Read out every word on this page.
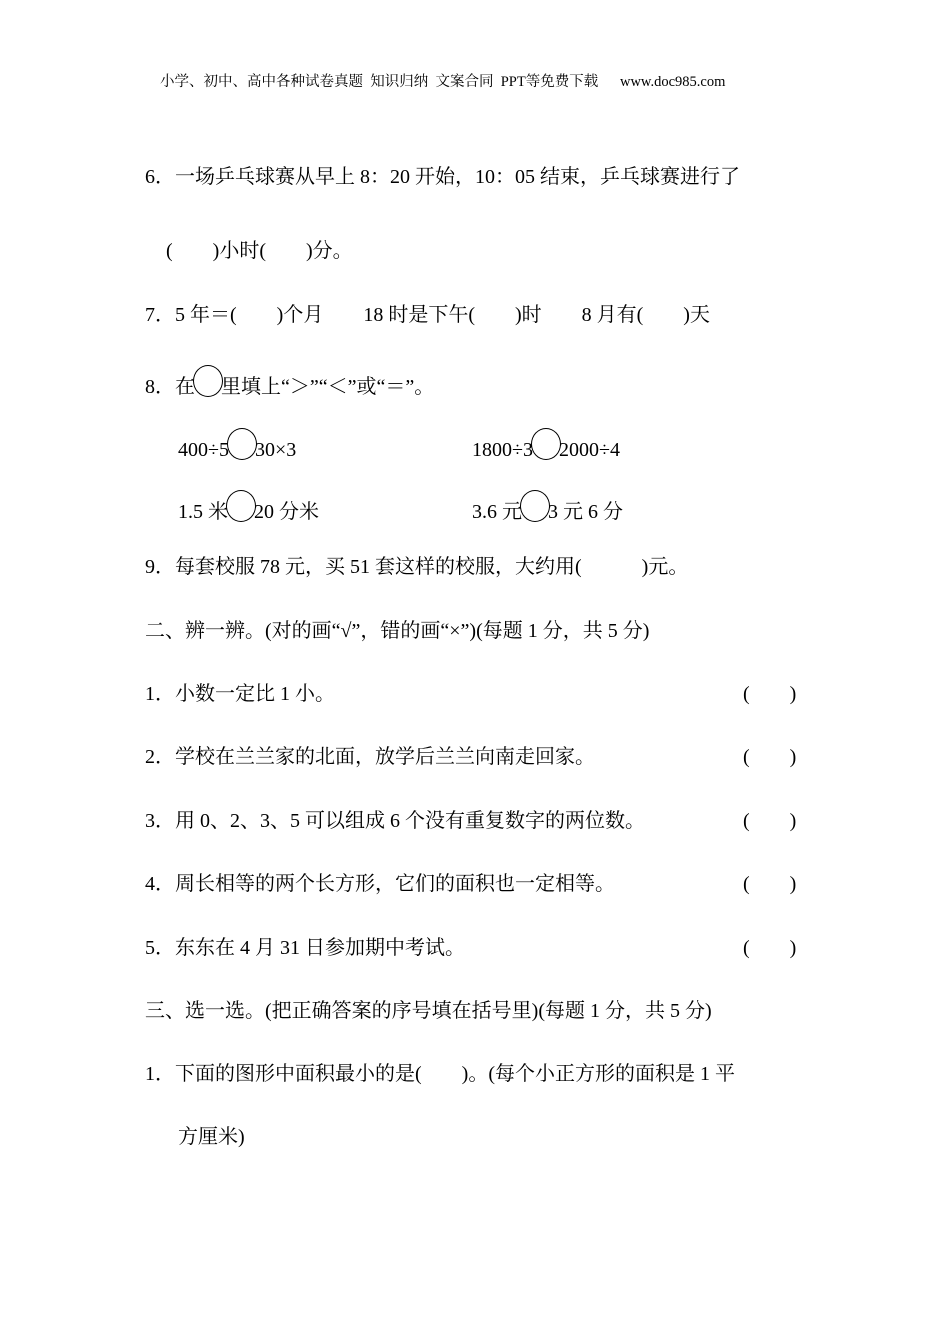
小学、初中、高中各种试卷真题  知识归纳  文案合同  PPT等免费下载      www.doc985.com
6．一场乒乓球赛从早上 8：20 开始，10：05 结束，乒乓球赛进行了
(        )小时(        )分。
7．5 年＝(        )个月        18 时是下午(        )时        8 月有(        )天
8．在 里填上“＞”“＜”或“＝”。
400÷5 30×3	1800÷3 2000÷4
1.5 米 20 分米	3.6 元 3 元 6 分
9．每套校服 78 元，买 51 套这样的校服，大约用(            )元。
二、辨一辨。(对的画“√”，错的画“×”)(每题 1 分，共 5 分)
1．小数一定比 1 小。	(        )
2．学校在兰兰家的北面，放学后兰兰向南走回家。	(        )
3．用 0、2、3、5 可以组成 6 个没有重复数字的两位数。	(        )
4．周长相等的两个长方形，它们的面积也一定相等。	(        )
5．东东在 4 月 31 日参加期中考试。	(        )
三、选一选。(把正确答案的序号填在括号里)(每题 1 分，共 5 分)
1．下面的图形中面积最小的是(        )。(每个小正方形的面积是 1 平
方厘米)
